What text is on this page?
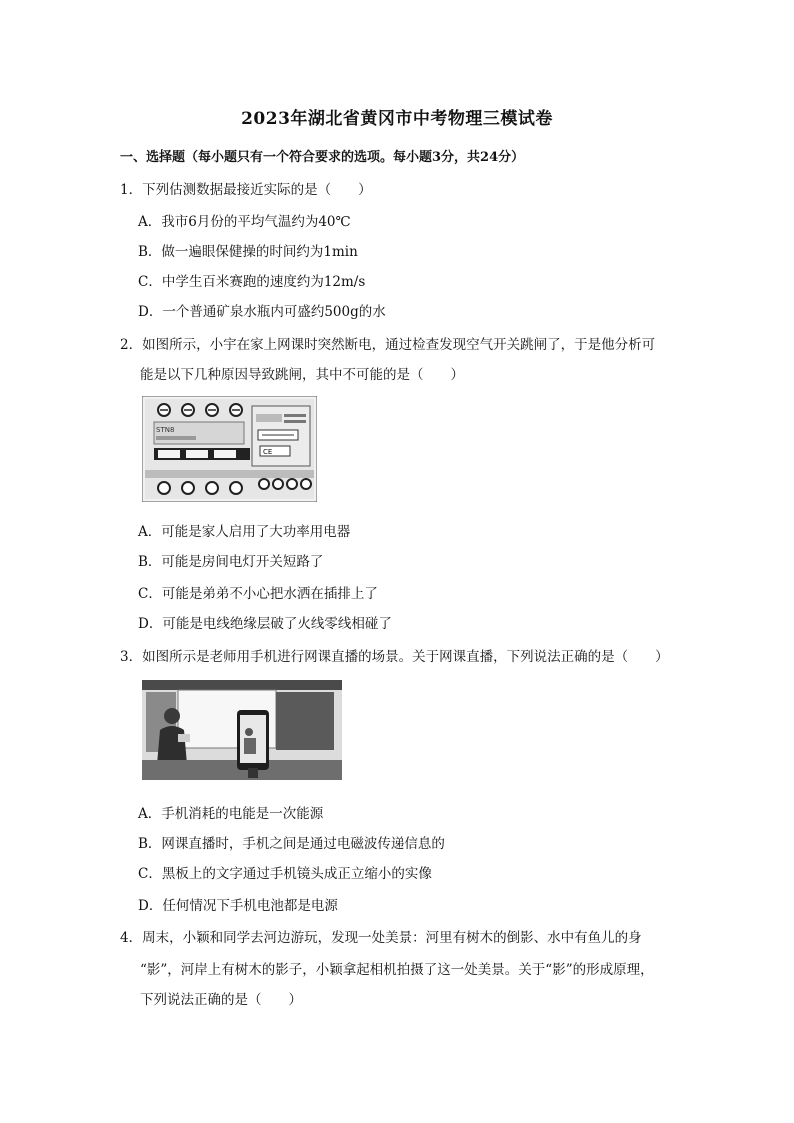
2023年湖北省黄冈市中考物理三模试卷
一、选择题（每小题只有一个符合要求的选项。每小题3分，共24分）
1．下列估测数据最接近实际的是（　　）
A．我市6月份的平均气温约为40℃
B．做一遍眼保健操的时间约为1min
C．中学生百米赛跑的速度约为12m/s
D．一个普通矿泉水瓶内可盛约500g的水
2．如图所示，小宇在家上网课时突然断电，通过检查发现空气开关跳闸了，于是他分析可
能是以下几种原因导致跳闸，其中不可能的是（　　）
STN8
CE
A．可能是家人启用了大功率用电器
B．可能是房间电灯开关短路了
C．可能是弟弟不小心把水洒在插排上了
D．可能是电线绝缘层破了火线零线相碰了
3．如图所示是老师用手机进行网课直播的场景。关于网课直播，下列说法正确的是（　　）
A．手机消耗的电能是一次能源
B．网课直播时，手机之间是通过电磁波传递信息的
C．黑板上的文字通过手机镜头成正立缩小的实像
D．任何情况下手机电池都是电源
4．周末，小颖和同学去河边游玩，发现一处美景：河里有树木的倒影、水中有鱼儿的身
“影”，河岸上有树木的影子，小颖拿起相机拍摄了这一处美景。关于“影”的形成原理，
下列说法正确的是（　　）
